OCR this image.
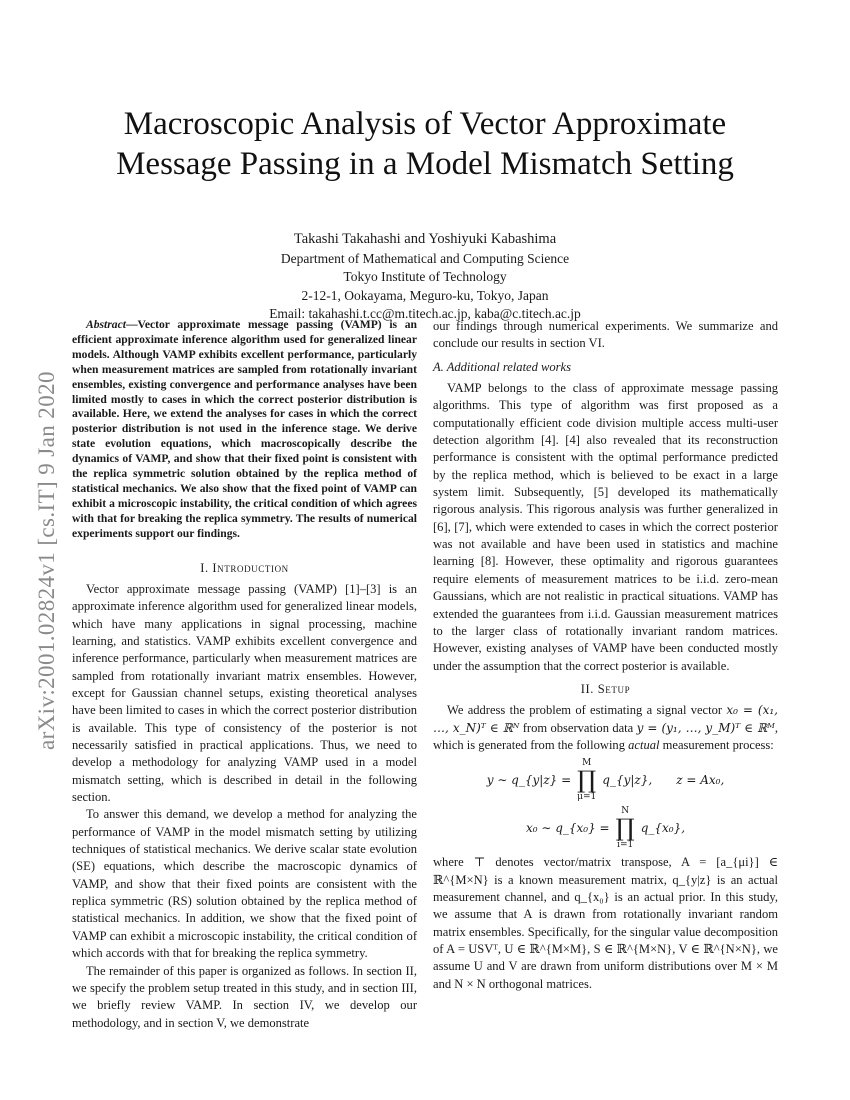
arXiv:2001.02824v1 [cs.IT] 9 Jan 2020
Macroscopic Analysis of Vector Approximate
Message Passing in a Model Mismatch Setting
Takashi Takahashi and Yoshiyuki Kabashima
Department of Mathematical and Computing Science
Tokyo Institute of Technology
2-12-1, Ookayama, Meguro-ku, Tokyo, Japan
Email: takahashi.t.cc@m.titech.ac.jp, kaba@c.titech.ac.jp

Abstract—Vector approximate message passing (VAMP) is an efficient approximate inference algorithm used for generalized linear models. Although VAMP exhibits excellent performance, particularly when measurement matrices are sampled from rotationally invariant ensembles, existing convergence and performance analyses have been limited mostly to cases in which the correct posterior distribution is available. Here, we extend the analyses for cases in which the correct posterior distribution is not used in the inference stage. We derive state evolution equations, which macroscopically describe the dynamics of VAMP, and show that their fixed point is consistent with the replica symmetric solution obtained by the replica method of statistical mechanics. We also show that the fixed point of VAMP can exhibit a microscopic instability, the critical condition of which agrees with that for breaking the replica symmetry. The results of numerical experiments support our findings.

I. Introduction

Vector approximate message passing (VAMP) [1]–[3] is an approximate inference algorithm used for generalized linear models, which have many applications in signal processing, machine learning, and statistics. VAMP exhibits excellent convergence and inference performance, particularly when measurement matrices are sampled from rotationally invariant matrix ensembles. However, except for Gaussian channel setups, existing theoretical analyses have been limited to cases in which the correct posterior distribution is available. This type of consistency of the posterior is not necessarily satisfied in practical applications. Thus, we need to develop a methodology for analyzing VAMP used in a model mismatch setting, which is described in detail in the following section.

To answer this demand, we develop a method for analyzing the performance of VAMP in the model mismatch setting by utilizing techniques of statistical mechanics. We derive scalar state evolution (SE) equations, which describe the macroscopic dynamics of VAMP, and show that their fixed points are consistent with the replica symmetric (RS) solution obtained by the replica method of statistical mechanics. In addition, we show that the fixed point of VAMP can exhibit a microscopic instability, the critical condition of which accords with that for breaking the replica symmetry.

The remainder of this paper is organized as follows. In section II, we specify the problem setup treated in this study, and in section III, we briefly review VAMP. In section IV, we develop our methodology, and in section V, we demonstrate

our findings through numerical experiments. We summarize and conclude our results in section VI.

A. Additional related works

VAMP belongs to the class of approximate message passing algorithms. This type of algorithm was first proposed as a computationally efficient code division multiple access multi-user detection algorithm [4]. [4] also revealed that its reconstruction performance is consistent with the optimal performance predicted by the replica method, which is believed to be exact in a large system limit. Subsequently, [5] developed its mathematically rigorous analysis. This rigorous analysis was further generalized in [6], [7], which were extended to cases in which the correct posterior was not available and have been used in statistics and machine learning [8]. However, these optimality and rigorous guarantees require elements of measurement matrices to be i.i.d. zero-mean Gaussians, which are not realistic in practical situations. VAMP has extended the guarantees from i.i.d. Gaussian measurement matrices to the larger class of rotationally invariant random matrices. However, existing analyses of VAMP have been conducted mostly under the assumption that the correct posterior is available.

II. Setup

We address the problem of estimating a signal vector x₀ = (x₁, …, x_N)ᵀ ∈ ℝᴺ from observation data y = (y₁, …, y_M)ᵀ ∈ ℝᴹ, which is generated from the following actual measurement process:

y ∼ q_{y|z} =
M
∏
μ=1
q_{y|z}, z = Ax₀,
x₀ ∼ q_{x₀} =
N
∏
i=1
q_{x₀},

where ⊤ denotes vector/matrix transpose, A = [a_{μi}] ∈ ℝ^{M×N} is a known measurement matrix, q_{y|z} is an actual measurement channel, and q_{x₀} is an actual prior. In this study, we assume that A is drawn from rotationally invariant random matrix ensembles. Specifically, for the singular value decomposition of A = USVᵀ, U ∈ ℝ^{M×M}, S ∈ ℝ^{M×N}, V ∈ ℝ^{N×N}, we assume U and V are drawn from uniform distributions over M × M and N × N orthogonal matrices.
